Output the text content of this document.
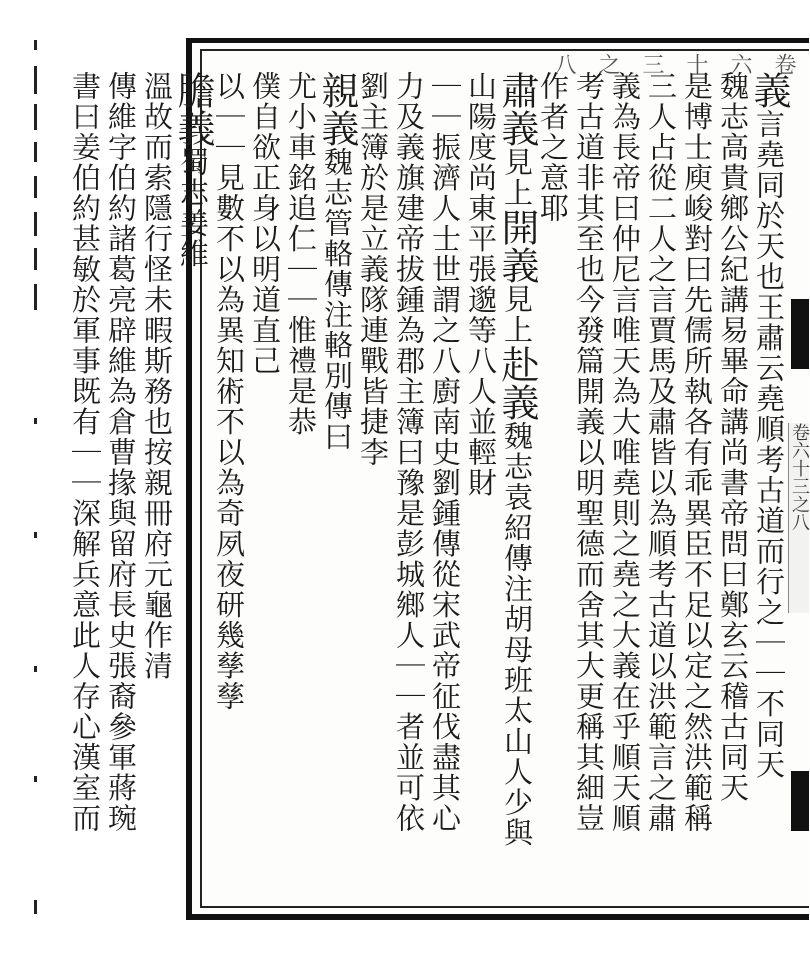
卷六十三之八
義言堯同於天也王肅云堯順考古道而行之｜｜不同天
魏志高貴鄉公紀講易畢命講尚書帝問曰鄭玄云稽古同天
是博士庾峻對曰先儒所執各有乖異臣不足以定之然洪範稱
三人占從二人之言賈馬及肅皆以為順考古道以洪範言之肅
義為長帝曰仲尼言唯天為大唯堯則之堯之大義在乎順天順
考古道非其至也今發篇開義以明聖德而舍其大更稱其細豈
作者之意耶
肅義見上開義見上赴義魏志袁紹傳注胡母班太山人少與
山陽度尚東平張邈等八人並輕財
｜｜振濟人士世謂之八廚南史劉鍾傳從宋武帝征伐盡其心
力及義旗建帝拔鍾為郡主簿曰豫是彭城鄉人｜｜者並可依
劉主簿於是立義隊連戰皆捷李
親義魏志管輅傳注輅別傳曰
尤小車銘追仁｜｜惟禮是恭
僕自欲正身以明道直己
以｜｜見數不以為異知術不以為奇夙夜研幾孳孳
膽義蜀志姜維
溫故而索隱行怪未暇斯務也按親冊府元龜作清
傳維字伯約諸葛亮辟維為倉曹掾與留府長史張裔參軍蔣琬
書曰姜伯約甚敏於軍事既有｜｜深解兵意此人存心漢室而	卷六十三之八
